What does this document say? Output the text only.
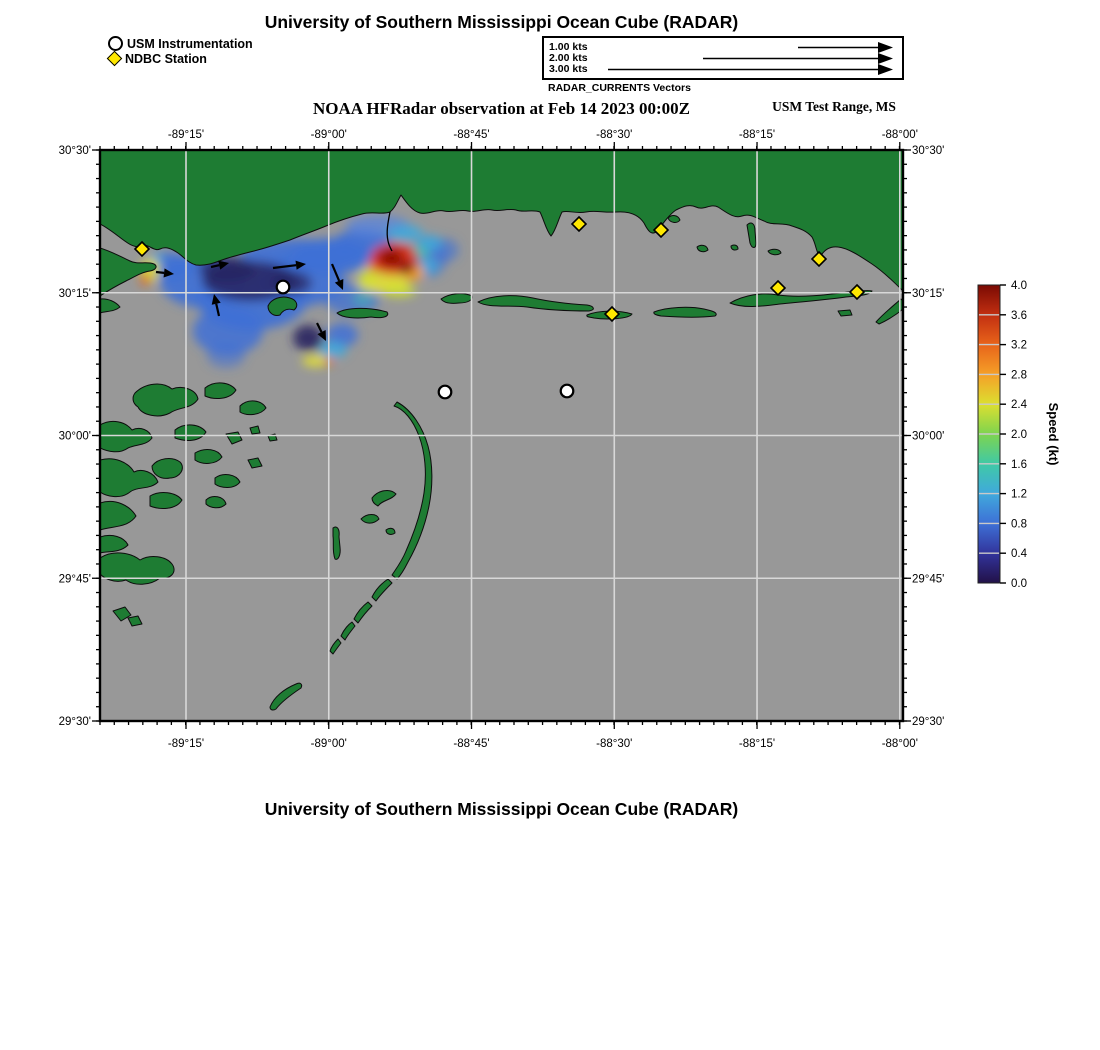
-89°15'
-89°15'
-89°00'
-89°00'
-88°45'
-88°45'
-88°30'
-88°30'
-88°15'
-88°15'
-88°00'
-88°00'
30°30'	30°30'
30°15'	30°15'
30°00'	30°00'
29°45'	29°45'
29°30'	29°30'
4.0
3.6
3.2
2.8
2.4
2.0
1.6
1.2
0.8
0.4
0.0
Speed (kt)
University of Southern Mississippi Ocean Cube (RADAR)
USM Instrumentation
NDBC Station
1.00 kts
2.00 kts
3.00 kts
RADAR_CURRENTS Vectors
NOAA HFRadar observation at Feb 14 2023 00:00Z	USM Test Range, MS
University of Southern Mississippi Ocean Cube (RADAR)
